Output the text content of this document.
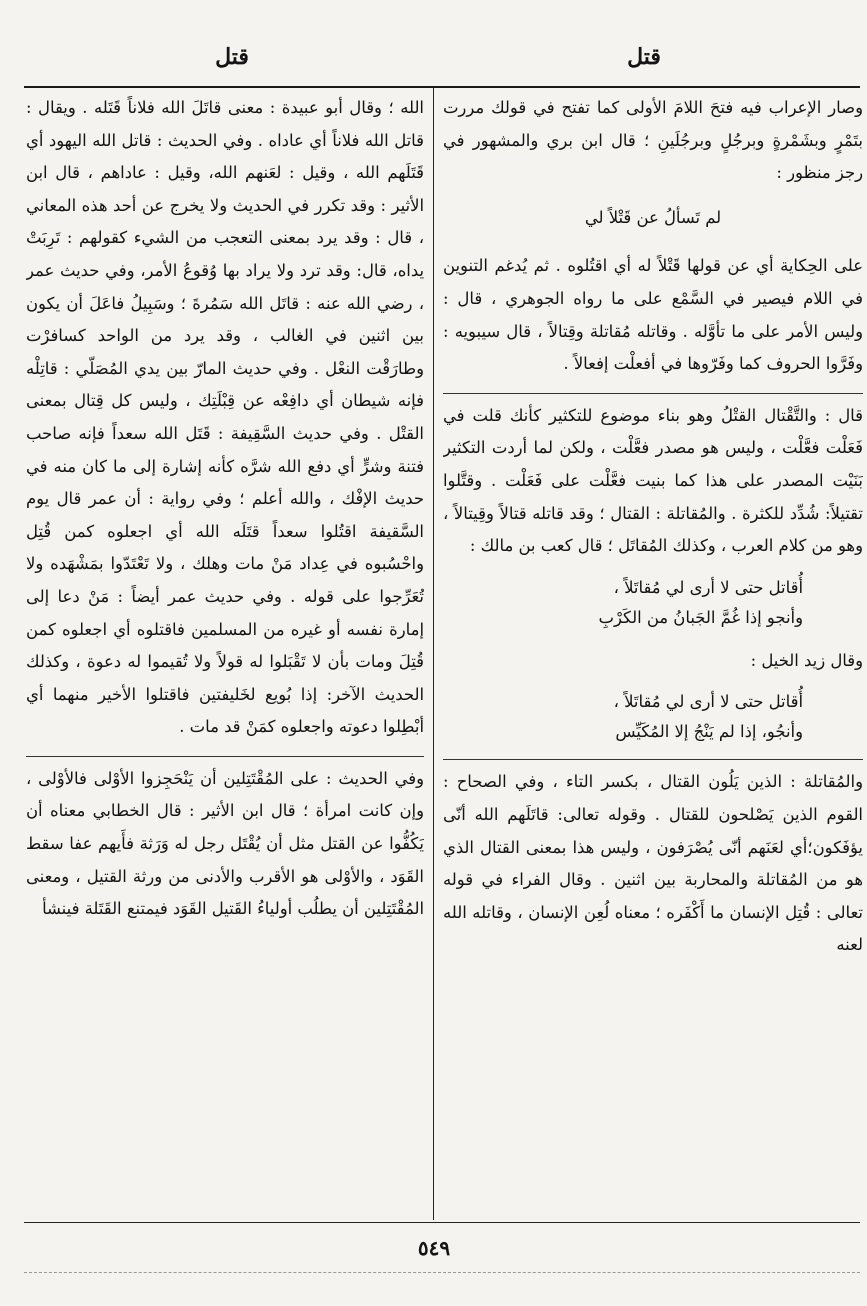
قتل
قتل

وصار الإعراب فيه فتحَ اللامَ الأولى كما تفتح في قولك مررت بتَمْرٍ وبشَمْرةٍ وبرجُلٍ وبرجُلَينِ ؛ قال ابن بري والمشهور في رجز منظور :

لم تَسألُ عن قَتْلاً لي

على الحِكاية أي عن قولها قَتْلاً له أي اقتُلوه . ثم يُدغم التنوين في اللام فيصير في السَّمْع على ما رواه الجوهري ، قال : وليس الأمر على ما تأوَّله . وقاتله مُقاتلة وقِتالاً ، قال سيبويه : وفَرَّوا الحروف كما وفَرّوها في أفعلْت إفعالاً .

قال : والتَّقْتال القتْلُ وهو بناء موضوع للتكثير كأنك قلت في فَعَلْت فعَّلْت ، وليس هو مصدر فعَّلْت ، ولكن لما أردت التكثير بَنَيْت المصدر على هذا كما بنيت فعَّلْت على فَعَلْت . وقتَّلوا تقتيلاً: شُدِّد للكثرة . والمُقاتلة : القتال ؛ وقد قاتله قتالاً وقِيتالاً ، وهو من كلام العرب ، وكذلك المُقاتَل ؛ قال كعب بن مالك :

أُقاتل حتى لا أرى لي مُقاتَلاً ،
وأنجو إذا غُمَّ الجَبانُ من الكَرْبِ

وقال زيد الخيل :

أُقاتل حتى لا أرى لي مُقاتَلاً ،
وأنجُو، إذا لم يَنْجُ إلا المُكَيِّس

والمُقاتلة : الذين يَلُون القتال ، بكسر التاء ، وفي الصحاح : القوم الذين يَصْلحون للقتال . وقوله تعالى: قاتَلَهم الله أنّى يؤفَكون؛أي لعَنَهم أنّى يُصْرَفون ، وليس هذا بمعنى القتال الذي هو من المُقاتلة والمحاربة بين اثنين . وقال الفراء في قوله تعالى : قُتِل الإنسان ما أَكْفَره ؛ معناه لُعِن الإنسان ، وقاتله الله لعنه

الله ؛ وقال أبو عبيدة : معنى قاتَلَ الله فلاناً قَتَله . ويقال : قاتل الله فلاناً أي عاداه . وفي الحديث : قاتل الله اليهود أي قَتَلَهم الله ، وقيل : لعَنهم الله، وقيل : عاداهم ، قال ابن الأثير : وقد تكرر في الحديث ولا يخرج عن أحد هذه المعاني ، قال : وقد يرد بمعنى التعجب من الشيء كقولهم : تَرِبَتْ يداه، قال: وقد ترد ولا يراد بها وُقوعُ الأمر، وفي حديث عمر ، رضي الله عنه : قاتَل الله سَمُرةَ ؛ وسَبِيلُ فاعَلَ أن يكون بين اثنين في الغالب ، وقد يرد من الواحد كسافرْت وطارَقْت النعْل . وفي حديث المارّ بين يدي المُصَلّي : قاتِلْه فإنه شيطان أي دافِعْه عن قِبْلَتِك ، وليس كل قِتال بمعنى القتْل . وفي حديث السَّقِيفة : قَتَل الله سعداً فإنه صاحب فتنة وشرٍّ أي دفع الله شرَّه كأنه إشارة إلى ما كان منه في حديث الإفْك ، والله أعلم ؛ وفي رواية : أن عمر قال يوم السَّقيفة اقتُلوا سعداً قتَلَه الله أي اجعلوه كمن قُتِل واحْسُبوه في عِداد مَنْ مات وهلك ، ولا تَعْتَدّوا بمَشْهَده ولا تُعَرِّجوا على قوله . وفي حديث عمر أيضاً : مَنْ دعا إلى إمارة نفسه أو غيره من المسلمين فاقتلوه أي اجعلوه كمن قُتِلَ ومات بأن لا تَقْبَلوا له قولاً ولا تُقيموا له دعوة ، وكذلك الحديث الآخر: إذا بُويع لخَليفتين فاقتلوا الأخير منهما أي أبْطِلوا دعوته واجعلوه كمَنْ قد مات .

وفي الحديث : على المُقْتَتِلين أن يَنْحَجِزوا الأوْلى فالأوْلى ، وإن كانت امرأة ؛ قال ابن الأثير : قال الخطابي معناه أن يَكُفُّوا عن القتل مثل أن يُقْتَل رجل له وَرَثة فأَيهم عفا سقط القَوَد ، والأوْلى هو الأقرب والأدنى من ورثة القتيل ، ومعنى المُقْتَتِلين أن يطلُب أولياءُ القَتيل القَوَد فيمتنع القَتَلة فينشأ

٥٤٩
